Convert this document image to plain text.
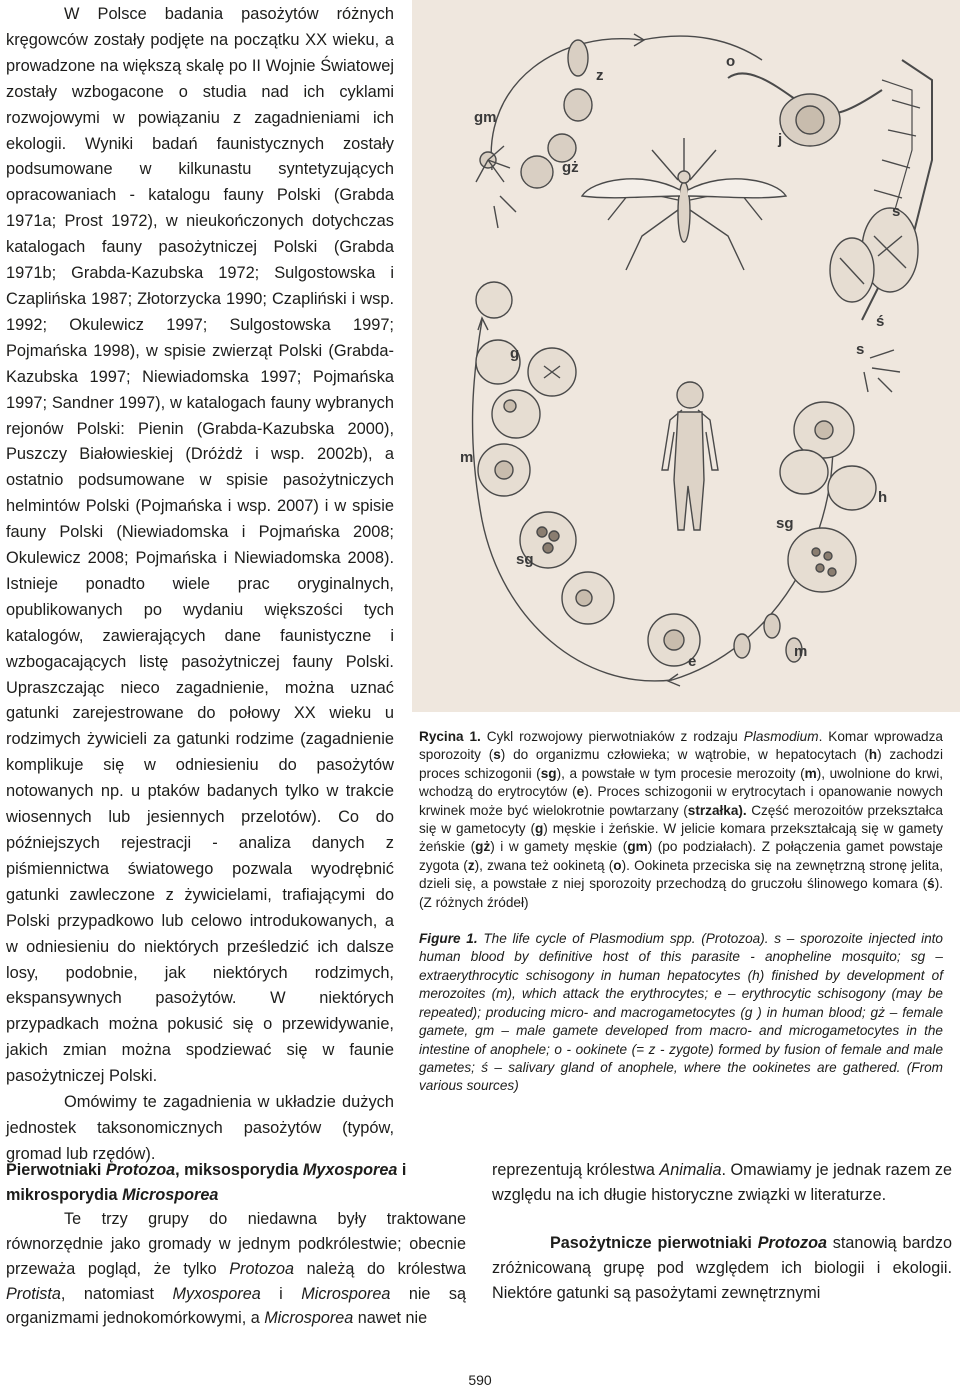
W Polsce badania pasożytów różnych kręgowców zostały podjęte na początku XX wieku, a prowadzone na większą skalę po II Wojnie Światowej zostały wzbogacone o studia nad ich cyklami rozwojowymi w powiązaniu z zagadnieniami ich ekologii. Wyniki badań faunistycznych zostały podsumowane w kilkunastu syntetyzujących opracowaniach - katalogu fauny Polski (Grabda 1971a; Prost 1972), w nieukończonych dotychczas katalogach fauny pasożytniczej Polski (Grabda 1971b; Grabda-Kazubska 1972; Sulgostowska i Czaplińska 1987; Złotorzycka 1990; Czapliński i wsp. 1992; Okulewicz 1997; Sulgostowska 1997; Pojmańska 1998), w spisie zwierząt Polski (Grabda-Kazubska 1997; Niewiadomska 1997; Pojmańska 1997; Sandner 1997), w katalogach fauny wybranych rejonów Polski: Pienin (Grabda-Kazubska 2000), Puszczy Białowieskiej (Dróżdż i wsp. 2002b), a ostatnio podsumowane w spisie pasożytniczych helmintów Polski (Pojmańska i wsp. 2007) i w spisie fauny Polski (Niewiadomska i Pojmańska 2008; Okulewicz 2008; Pojmańska i Niewiadomska 2008). Istnieje ponadto wiele prac oryginalnych, opublikowanych po wydaniu większości tych katalogów, zawierających dane faunistyczne i wzbogacających listę pasożytniczej fauny Polski. Upraszczając nieco zagadnienie, można uznać gatunki zarejestrowane do połowy XX wieku u rodzimych żywicieli za gatunki rodzime (zagadnienie komplikuje się w odniesieniu do pasożytów notowanych np. u ptaków badanych tylko w trakcie wiosennych lub jesiennych przelotów). Co do późniejszych rejestracji - analiza danych z piśmiennictwa światowego pozwala wyodrębnić gatunki zawleczone z żywicielami, trafiającymi do Polski przypadkowo lub celowo introdukowanych, a w odniesieniu do niektórych prześledzić ich dalsze losy, podobnie, jak niektórych rodzimych, ekspansywnych pasożytów. W niektórych przypadkach można pokusić się o przewidywanie, jakich zmian można spodziewać się w faunie pasożytniczej Polski.

Omówimy te zagadnienia w układzie dużych jednostek taksonomicznych pasożytów (typów, gromad lub rzędów).

gm
z
o
gż
j
s
ś
s
g
h
sg
m
sg
e
m

Rycina 1. Cykl rozwojowy pierwotniaków z rodzaju Plasmodium. Komar wprowadza sporozoity (s) do organizmu człowieka; w wątrobie, w hepatocytach (h) zachodzi proces schizogonii (sg), a powstałe w tym procesie merozoity (m), uwolnione do krwi, wchodzą do erytrocytów (e). Proces schizogonii w erytrocytach i opanowanie nowych krwinek może być wielokrotnie powtarzany (strzałka). Część merozoitów przekształca się w gametocyty (g) męskie i żeńskie. W jelicie komara przekształcają się w gamety żeńskie (gż) i w gamety męskie (gm) (po podziałach). Z połączenia gamet powstaje zygota (z), zwana też ookinetą (o). Ookineta przeciska się na zewnętrzną stronę jelita, dzieli się, a powstałe z niej sporozoity przechodzą do gruczołu ślinowego komara (ś). (Z różnych źródeł)

Figure 1. The life cycle of Plasmodium spp. (Protozoa). s – sporozoite injected into human blood by definitive host of this parasite - anopheline mosquito; sg – extraerythrocytic schisogony in human hepatocytes (h) finished by development of merozoites (m), which attack the erythrocytes; e – erythrocytic schisogony (may be repeated); producing micro- and macrogametocytes (g ) in human blood; gż – female gamete, gm – male gamete developed from macro- and microgametocytes in the intestine of anophele; o - ookinete (= z - zygote) formed by fusion of female and male gametes; ś – salivary gland of anophele, where the ookinetes are gathered. (From various sources)

Pierwotniaki Protozoa, miksosporydia Myxosporea i mikrosporydia Microsporea

Te trzy grupy do niedawna były traktowane równorzędnie jako gromady w jednym podkrólestwie; obecnie przeważa pogląd, że tylko Protozoa należą do królestwa Protista, natomiast Myxosporea i Microsporea nie są organizmami jednokomórkowymi, a Microsporea nawet nie

reprezentują królestwa Animalia. Omawiamy je jednak razem ze względu na ich długie historyczne związki w literaturze.

Pasożytnicze pierwotniaki Protozoa stanowią bardzo zróżnicowaną grupę pod względem ich biologii i ekologii. Niektóre gatunki są pasożytami zewnętrznymi

590
